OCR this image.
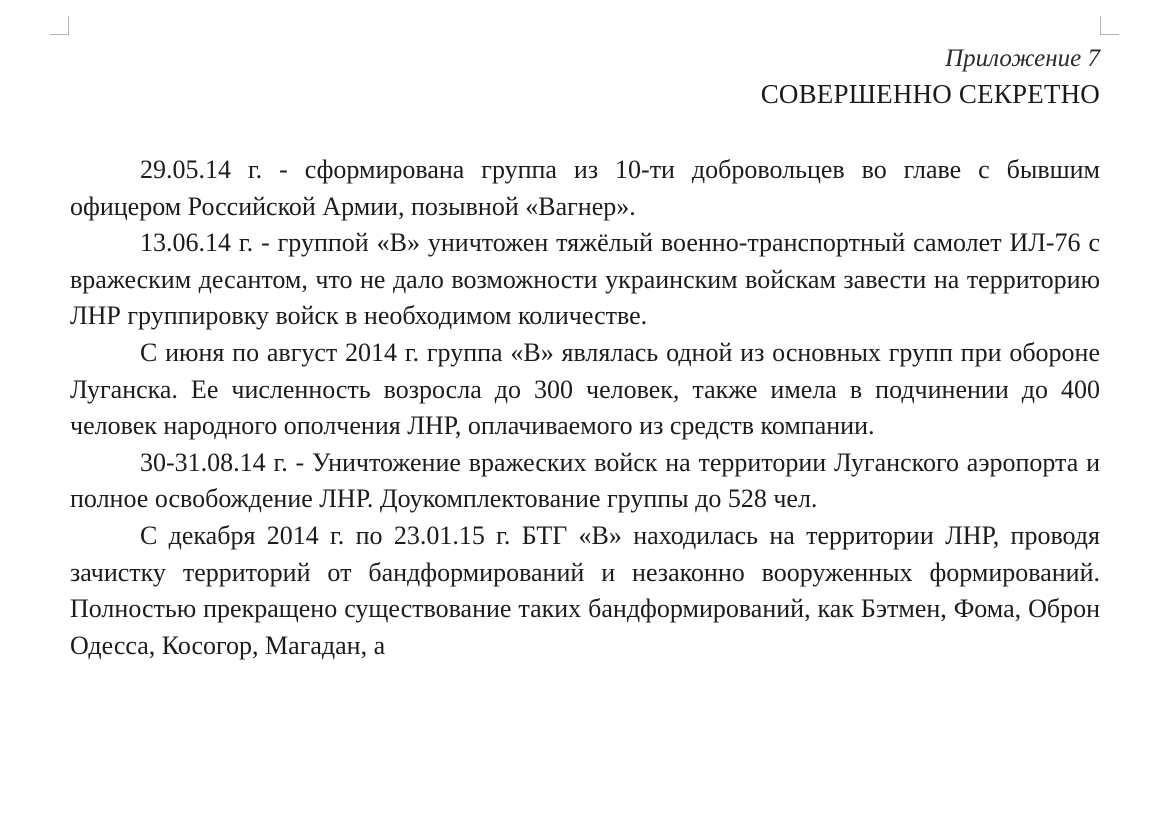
Приложение 7
СОВЕРШЕННО СЕКРЕТНО

29.05.14 г. - сформирована группа из 10-ти добровольцев во главе с бывшим офицером Российской Армии, позывной «Вагнер».

13.06.14 г. - группой «В» уничтожен тяжёлый военно-транспортный самолет ИЛ-76 с вражеским десантом, что не дало возможности украинским войскам завести на территорию ЛНР группировку войск в необходимом количестве.

С июня по август 2014 г. группа «В» являлась одной из основных групп при обороне Луганска. Ее численность возросла до 300 человек, также имела в подчинении до 400 человек народного ополчения ЛНР, оплачиваемого из средств компании.

30-31.08.14 г. - Уничтожение вражеских войск на территории Луганского аэропорта и полное освобождение ЛНР. Доукомплектование группы до 528 чел.

С декабря 2014 г. по 23.01.15 г. БТГ «В» находилась на территории ЛНР, проводя зачистку территорий от бандформирований и незаконно вооруженных формирований. Полностью прекращено существование таких бандформирований, как Бэтмен, Фома, Оброн Одесса, Косогор, Магадан, а
